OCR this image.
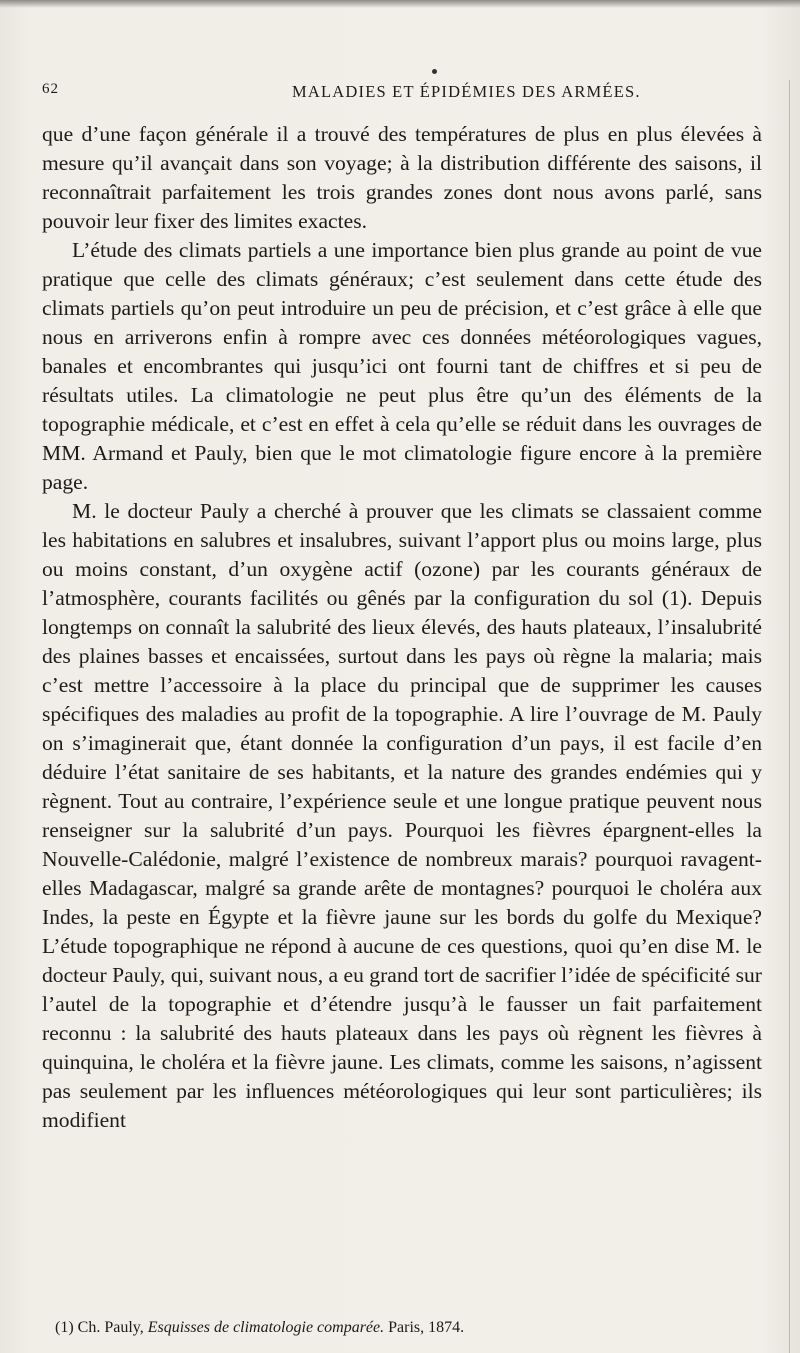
62	MALADIES ET ÉPIDÉMIES DES ARMÉES.

que d’une façon générale il a trouvé des températures de plus en plus élevées à mesure qu’il avançait dans son voyage; à la distribution différente des saisons, il reconnaîtrait parfaitement les trois grandes zones dont nous avons parlé, sans pouvoir leur fixer des limites exactes.

L’étude des climats partiels a une importance bien plus grande au point de vue pratique que celle des climats généraux; c’est seulement dans cette étude des climats partiels qu’on peut introduire un peu de précision, et c’est grâce à elle que nous en arriverons enfin à rompre avec ces données météorologiques vagues, banales et encombrantes qui jusqu’ici ont fourni tant de chiffres et si peu de résultats utiles. La climatologie ne peut plus être qu’un des éléments de la topographie médicale, et c’est en effet à cela qu’elle se réduit dans les ouvrages de MM. Armand et Pauly, bien que le mot climatologie figure encore à la première page.

M. le docteur Pauly a cherché à prouver que les climats se classaient comme les habitations en salubres et insalubres, suivant l’apport plus ou moins large, plus ou moins constant, d’un oxygène actif (ozone) par les courants généraux de l’atmosphère, courants facilités ou gênés par la configuration du sol (1). Depuis longtemps on connaît la salubrité des lieux élevés, des hauts plateaux, l’insalubrité des plaines basses et encaissées, surtout dans les pays où règne la malaria; mais c’est mettre l’accessoire à la place du principal que de supprimer les causes spécifiques des maladies au profit de la topographie. A lire l’ouvrage de M. Pauly on s’imaginerait que, étant donnée la configuration d’un pays, il est facile d’en déduire l’état sanitaire de ses habitants, et la nature des grandes endémies qui y règnent. Tout au contraire, l’expérience seule et une longue pratique peuvent nous renseigner sur la salubrité d’un pays. Pourquoi les fièvres épargnent-elles la Nouvelle-Calédonie, malgré l’existence de nombreux marais? pourquoi ravagent-elles Madagascar, malgré sa grande arête de montagnes? pourquoi le choléra aux Indes, la peste en Égypte et la fièvre jaune sur les bords du golfe du Mexique? L’étude topographique ne répond à aucune de ces questions, quoi qu’en dise M. le docteur Pauly, qui, suivant nous, a eu grand tort de sacrifier l’idée de spécificité sur l’autel de la topographie et d’étendre jusqu’à le fausser un fait parfaitement reconnu : la salubrité des hauts plateaux dans les pays où règnent les fièvres à quinquina, le choléra et la fièvre jaune. Les climats, comme les saisons, n’agissent pas seulement par les influences météorologiques qui leur sont particulières; ils modifient

(1) Ch. Pauly, Esquisses de climatologie comparée. Paris, 1874.
